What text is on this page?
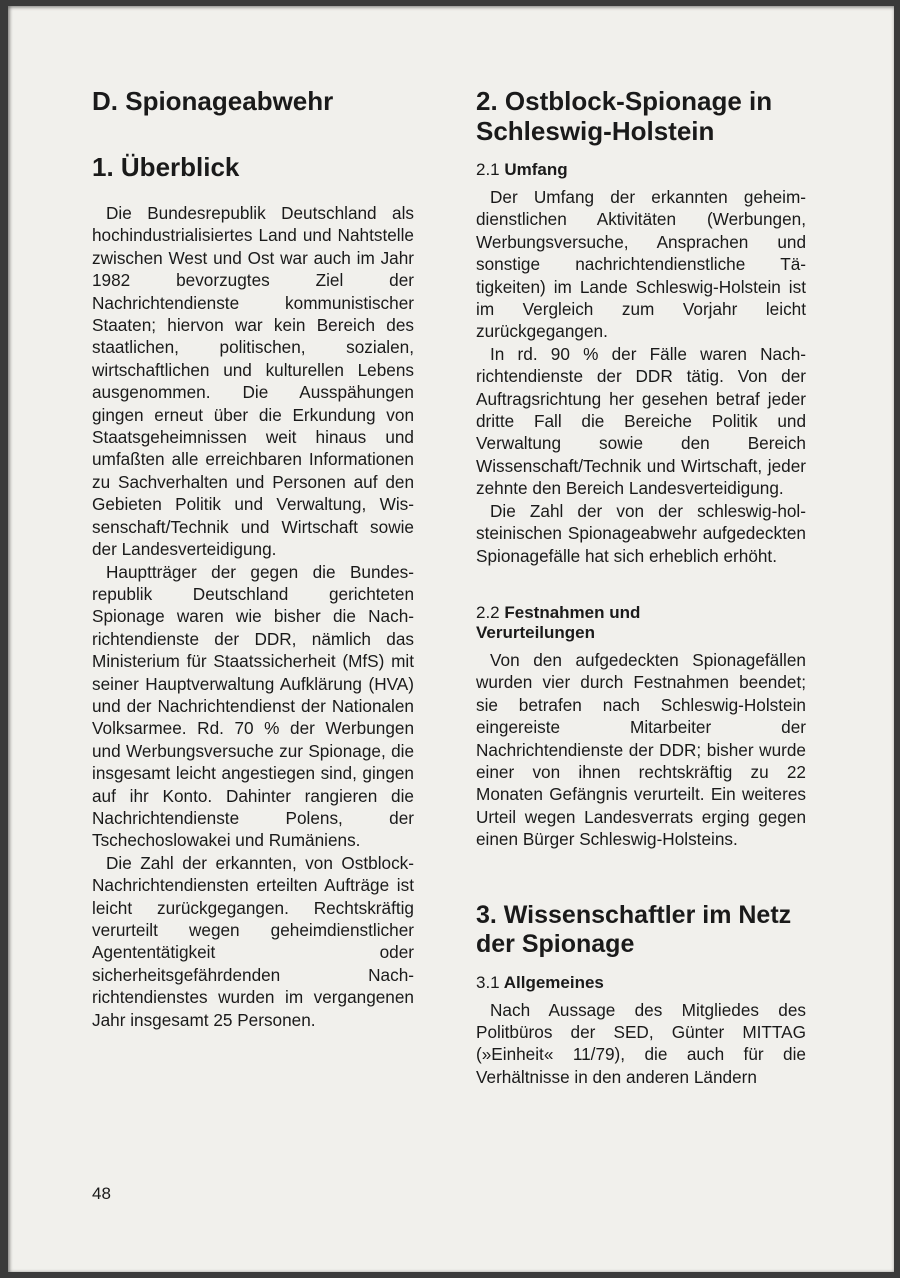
D. Spionageabwehr
1. Überblick

Die Bundesrepublik Deutschland als hochindustrialisiertes Land und Nahtstelle zwischen West und Ost war auch im Jahr 1982 bevorzugtes Ziel der Nachrichtendienste kommunistischer Staaten; hiervon war kein Bereich des staatlichen, politischen, sozialen, wirtschaftlichen und kulturellen Lebens ausgenommen. Die Ausspähungen gingen erneut über die Erkundung von Staatsgeheimnissen weit hinaus und umfaßten alle erreichbaren Informationen zu Sachverhalten und Personen auf den Gebieten Politik und Verwaltung, Wissenschaft/Technik und Wirtschaft sowie der Landesverteidigung.

Hauptträger der gegen die Bundesrepublik Deutschland gerichteten Spionage waren wie bisher die Nachrichtendienste der DDR, nämlich das Ministerium für Staatssicherheit (MfS) mit seiner Hauptverwaltung Aufklärung (HVA) und der Nachrichtendienst der Nationalen Volksarmee. Rd. 70 % der Werbungen und Werbungsversuche zur Spionage, die insgesamt leicht angestiegen sind, gingen auf ihr Konto. Dahinter rangieren die Nachrichtendienste Polens, der Tschechoslowakei und Rumäniens.

Die Zahl der erkannten, von Ostblock-Nachrichtendiensten erteilten Aufträge ist leicht zurückgegangen. Rechtskräftig verurteilt wegen geheimdienstlicher Agententätigkeit oder sicherheitsgefährdenden Nachrichtendienstes wurden im vergangenen Jahr insgesamt 25 Personen.

2. Ostblock-Spionage in Schleswig-Holstein
2.1 Umfang

Der Umfang der erkannten geheimdienstlichen Aktivitäten (Werbungen, Werbungsversuche, Ansprachen und sonstige nachrichtendienstliche Tätigkeiten) im Lande Schleswig-Holstein ist im Vergleich zum Vorjahr leicht zurückgegangen.

In rd. 90 % der Fälle waren Nachrichtendienste der DDR tätig. Von der Auftragsrichtung her gesehen betraf jeder dritte Fall die Bereiche Politik und Verwaltung sowie den Bereich Wissenschaft/Technik und Wirtschaft, jeder zehnte den Bereich Landesverteidigung.

Die Zahl der von der schleswig-holsteinischen Spionageabwehr aufgedeckten Spionagefälle hat sich erheblich erhöht.

2.2 Festnahmen und Verurteilungen

Von den aufgedeckten Spionagefällen wurden vier durch Festnahmen beendet; sie betrafen nach Schleswig-Holstein eingereiste Mitarbeiter der Nachrichtendienste der DDR; bisher wurde einer von ihnen rechtskräftig zu 22 Monaten Gefängnis verurteilt. Ein weiteres Urteil wegen Landesverrats erging gegen einen Bürger Schleswig-Holsteins.

3. Wissenschaftler im Netz der Spionage
3.1 Allgemeines

Nach Aussage des Mitgliedes des Politbüros der SED, Günter MITTAG (»Einheit« 11/79), die auch für die Verhältnisse in den anderen Ländern

48
